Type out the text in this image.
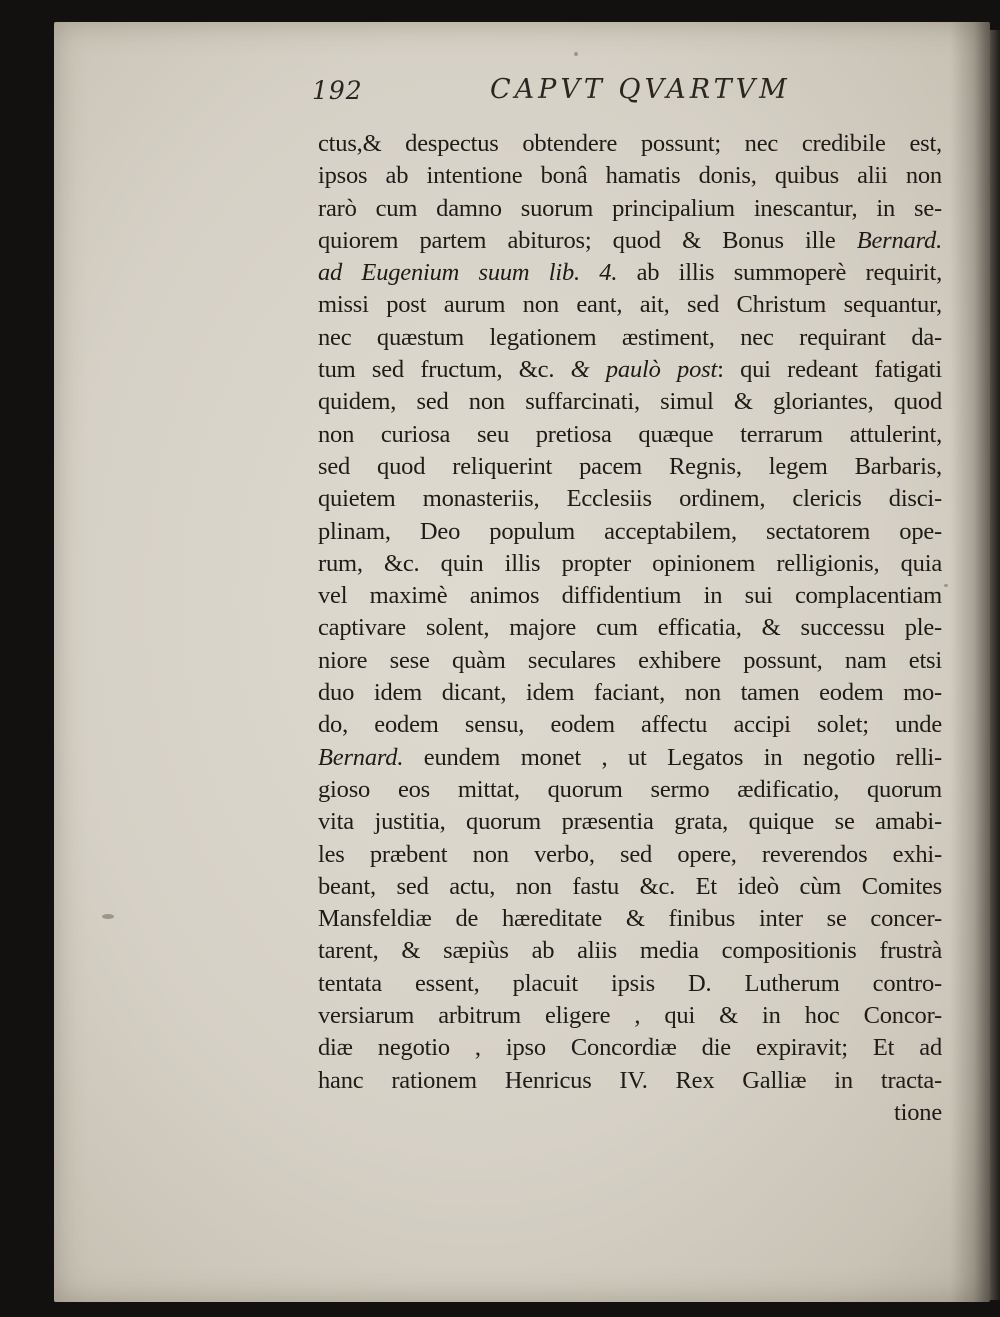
192	CAPVT QVARTVM
ctus,& despectus obtendere possunt; nec credibile est,
ipsos ab intentione bonâ hamatis donis, quibus alii non
rarò cum damno suorum principalium inescantur, in se-
quiorem partem abituros; quod & Bonus ille Bernard.
ad Eugenium suum lib. 4. ab illis summoperè requirit,
missi post aurum non eant, ait, sed Christum sequantur,
nec quæstum legationem æstiment, nec requirant da-
tum sed fructum, &c. & paulò post: qui redeant fatigati
quidem, sed non suffarcinati, simul & gloriantes, quod
non curiosa seu pretiosa quæque terrarum attulerint,
sed quod reliquerint pacem Regnis, legem Barbaris,
quietem monasteriis, Ecclesiis ordinem, clericis disci-
plinam, Deo populum acceptabilem, sectatorem ope-
rum, &c. quin illis propter opinionem relligionis, quia
vel maximè animos diffidentium in sui complacentiam
captivare solent, majore cum efficatia, & successu ple-
niore sese quàm seculares exhibere possunt, nam etsi
duo idem dicant, idem faciant, non tamen eodem mo-
do, eodem sensu, eodem affectu accipi solet; unde
Bernard. eundem monet , ut Legatos in negotio relli-
gioso eos mittat, quorum sermo ædificatio, quorum
vita justitia, quorum præsentia grata, quique se amabi-
les præbent non verbo, sed opere, reverendos exhi-
beant, sed actu, non fastu &c. Et ideò cùm Comites
Mansfeldiæ de hæreditate & finibus inter se concer-
tarent, & sæpiùs ab aliis media compositionis frustrà
tentata essent, placuit ipsis D. Lutherum contro-
versiarum arbitrum eligere , qui & in hoc Concor-
diæ negotio , ipso Concordiæ die expiravit; Et ad
hanc rationem Henricus IV. Rex Galliæ in tracta-
tione
